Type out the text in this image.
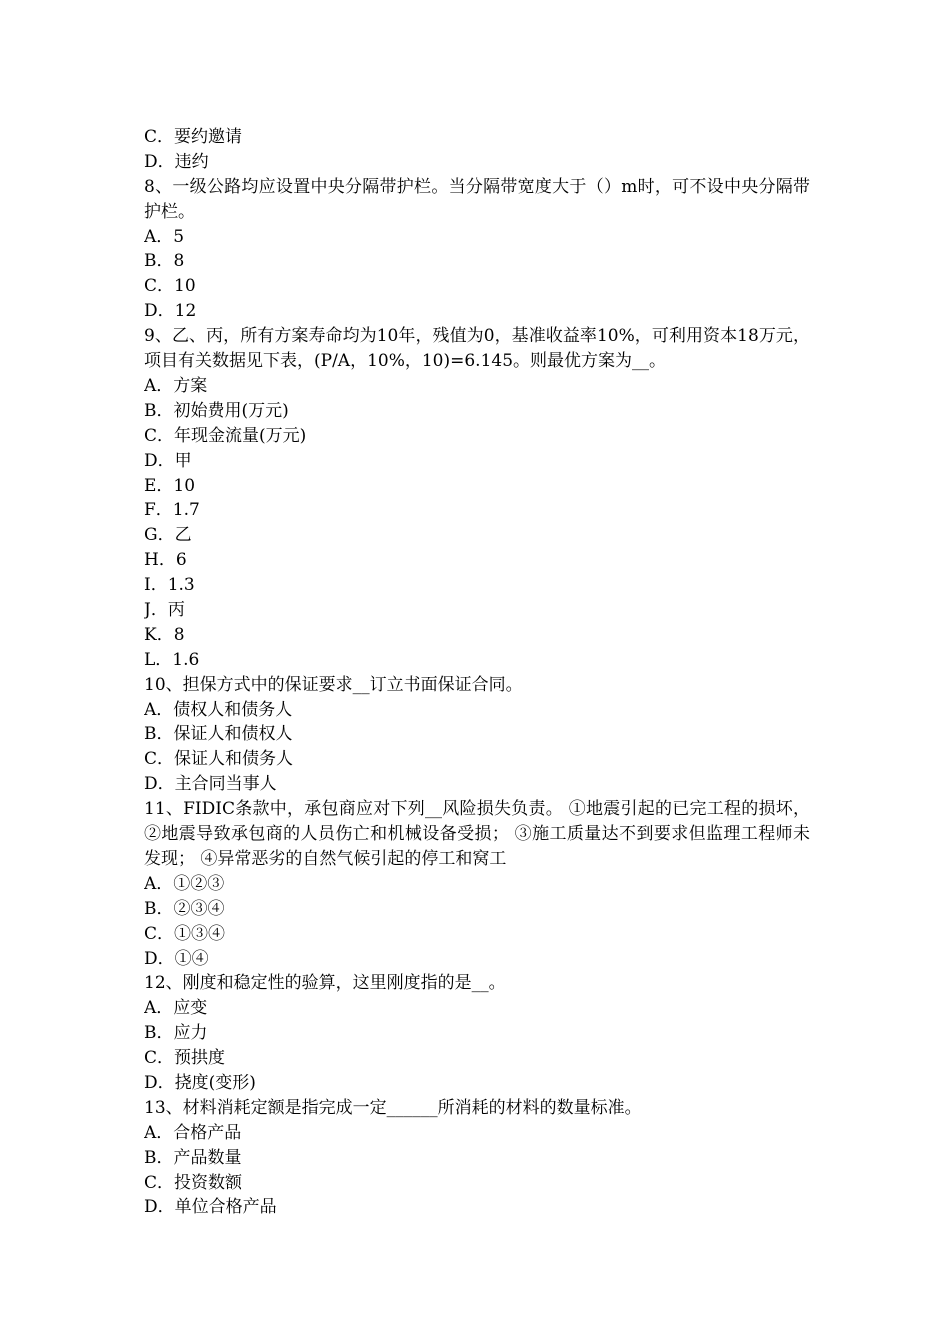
C．要约邀请
D．违约
8、一级公路均应设置中央分隔带护栏。当分隔带宽度大于（）m时，可不设中央分隔带护栏。
A．5
B．8
C．10
D．12
9、乙、丙，所有方案寿命均为10年，残值为0，基准收益率10%，可利用资本18万元，项目有关数据见下表，(P/A，10%，10)=6.145。则最优方案为__。
A．方案
B．初始费用(万元)
C．年现金流量(万元)
D．甲
E．10
F．1.7
G．乙
H．6
I．1.3
J．丙
K．8
L．1.6
10、担保方式中的保证要求__订立书面保证合同。
A．债权人和债务人
B．保证人和债权人
C．保证人和债务人
D．主合同当事人
11、FIDIC条款中，承包商应对下列__风险损失负责。 ①地震引起的已完工程的损坏， ②地震导致承包商的人员伤亡和机械设备受损； ③施工质量达不到要求但监理工程师未发现； ④异常恶劣的自然气候引起的停工和窝工
A．①②③
B．②③④
C．①③④
D．①④
12、刚度和稳定性的验算，这里刚度指的是__。
A．应变
B．应力
C．预拱度
D．挠度(变形)
13、材料消耗定额是指完成一定______所消耗的材料的数量标准。
A．合格产品
B．产品数量
C．投资数额
D．单位合格产品
